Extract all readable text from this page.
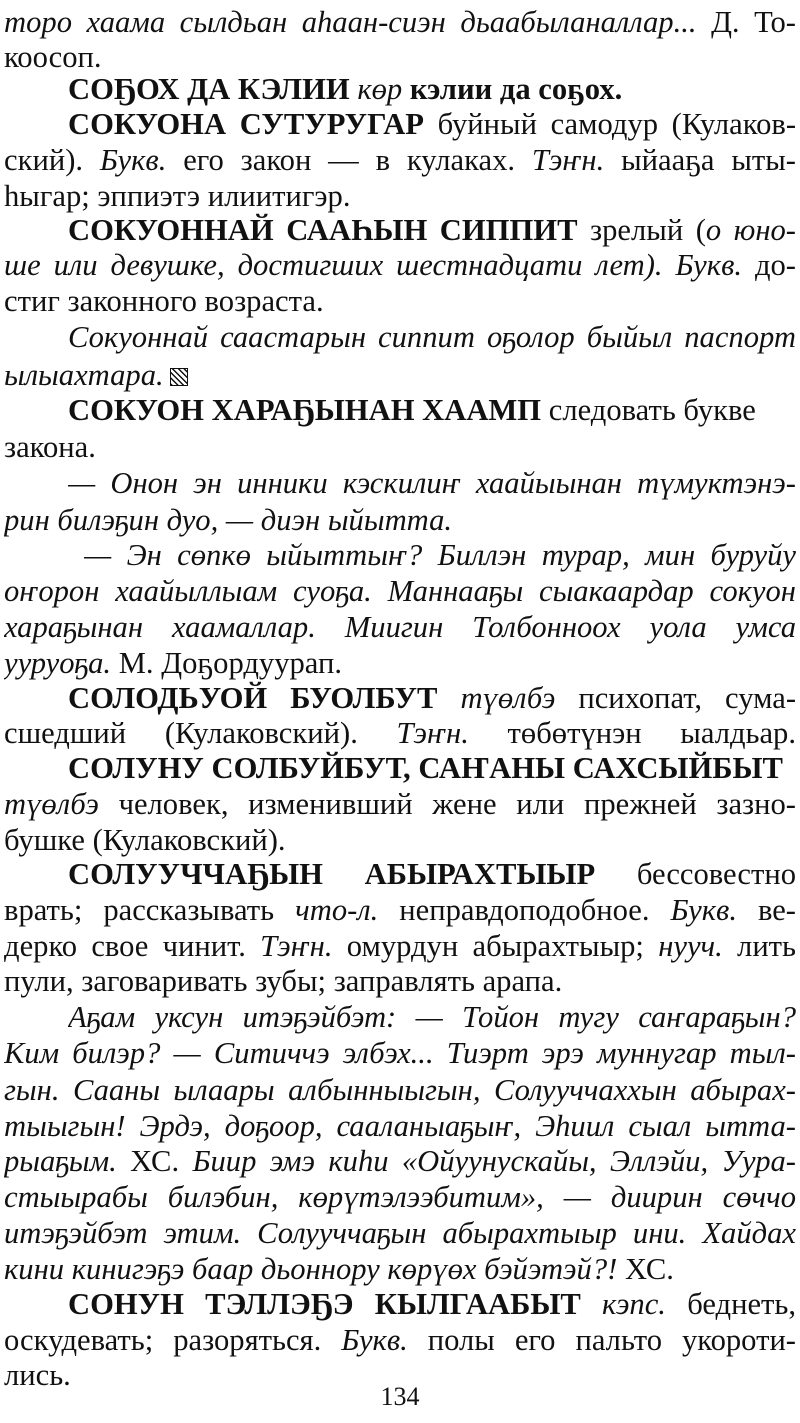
торо хаама сылдьан аһаан-сиэн дьаабыланаллар... Д. То-
коосоп.
СОҔОХ ДА КЭЛИИ көр кэлии да соҕох.
СОКУОНА СУТУРУГАР буйный самодур (Кулаков-
ский). Букв. его закон — в кулаках. Тэҥн. ыйааҕа ыты-
һыгар; эппиэтэ илиитигэр.
СОКУОННАЙ СААҺЫН СИППИТ зрелый (о юно-
ше или девушке, достигших шестнадцати лет). Букв. до-
стиг законного возраста.
Сокуоннай саастарын сиппит оҕолор быйыл паспорт
ылыахтара.
СОКУОН ХАРАҔЫНАН ХААМП следовать букве
закона.
— Онон эн инники кэскилиҥ хаайыынан түмуктэнэ-
рин билэҕин дуо, — диэн ыйытта.
— Эн сөпкө ыйыттыҥ? Биллэн турар, мин буруйу
оҥорон хаайыллыам суоҕа. Маннааҕы сыакаардар сокуон
хараҕынан хаамаллар. Миигин Толбонноох уола умса
ууруоҕа. М. Доҕордуурап.
СОЛОДЬУОЙ БУОЛБУТ түөлбэ психопат, сума-
сшедший (Кулаковский). Тэҥн. төбөтүнэн ыалдьар.
СОЛУНУ СОЛБУЙБУТ, САҤАНЫ САХСЫЙБЫТ
түөлбэ человек, изменивший жене или прежней зазно-
бушке (Кулаковский).
СОЛУУЧЧАҔЫН АБЫРАХТЫЫР бессовестно
врать; рассказывать что-л. неправдоподобное. Букв. ве-
дерко свое чинит. Тэҥн. омурдун абырахтыыр; нууч. лить
пули, заговаривать зубы; заправлять арапа.
Аҕам уксун итэҕэйбэт: — Тойон тугу саҥараҕын?
Ким билэр? — Ситиччэ элбэх... Тиэрт эрэ муннугар тыл-
гын. Сааны ылаары албынныыгын, Солууччаххын абырах-
тыыгын! Эрдэ, доҕоор, сааланыаҕыҥ, Эһиил сыал ытта-
рыаҕым. ХС. Биир эмэ киһи «Ойуунускайы, Эллэйи, Уура-
стыырабы билэбин, көрүтэлээбитим», — диирин сөччо
итэҕэйбэт этим. Солууччаҕын абырахтыыр ини. Хайдах
кини кинигэҕэ баар дьоннору көрүөх бэйэтэй?! ХС.
СОНУН ТЭЛЛЭҔЭ КЫЛГААБЫТ кэпс. беднеть,
оскудевать; разоряться. Букв. полы его пальто укороти-
лись.
134
